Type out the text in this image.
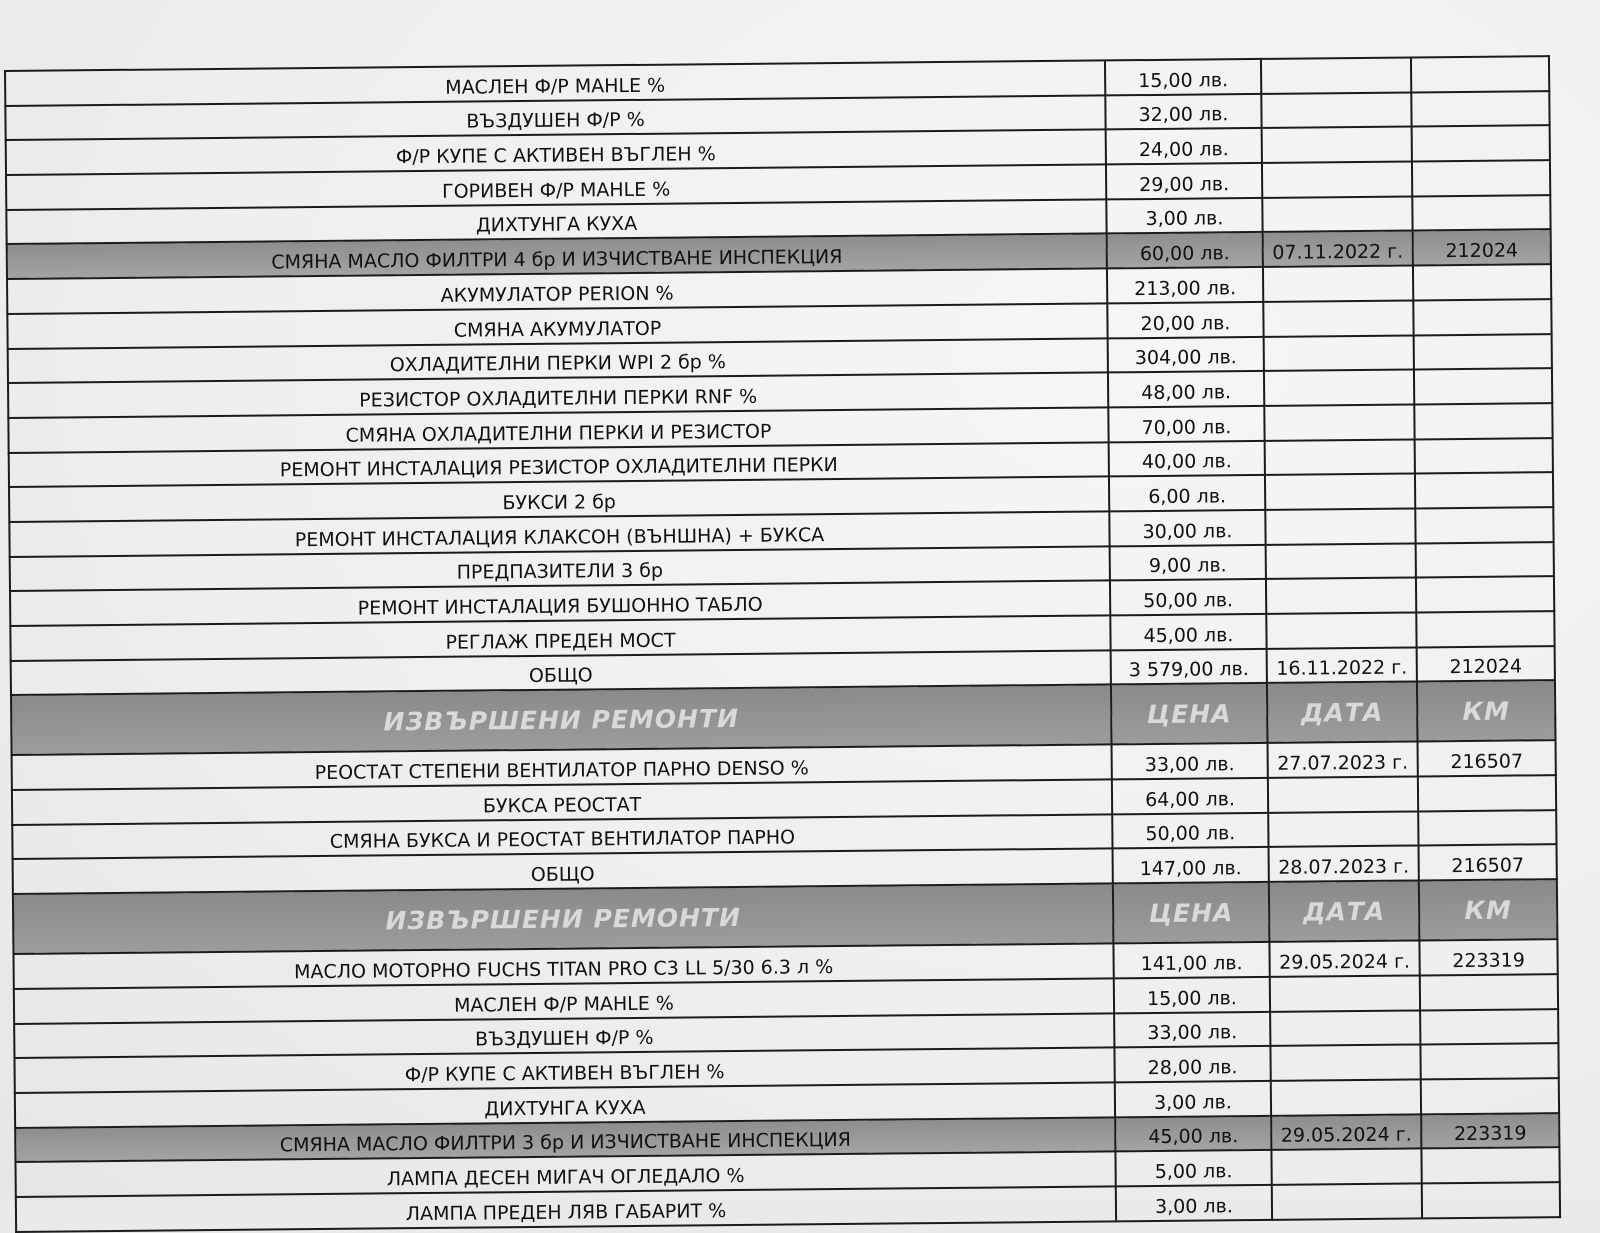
МАСЛЕН Ф/Р MAHLE %	15,00 лв.		
ВЪЗДУШЕН Ф/Р %	32,00 лв.		
Ф/Р КУПЕ С АКТИВЕН ВЪГЛЕН %	24,00 лв.		
ГОРИВЕН Ф/Р MAHLE %	29,00 лв.		
ДИХТУНГА КУХА	3,00 лв.		
СМЯНА МАСЛО ФИЛТРИ 4 бр И ИЗЧИСТВАНЕ ИНСПЕКЦИЯ	60,00 лв.	07.11.2022 г.	212024
АКУМУЛАТОР PERION %	213,00 лв.		
СМЯНА АКУМУЛАТОР	20,00 лв.		
ОХЛАДИТЕЛНИ ПЕРКИ WPI 2 бр %	304,00 лв.		
РЕЗИСТОР ОХЛАДИТЕЛНИ ПЕРКИ RNF %	48,00 лв.		
СМЯНА ОХЛАДИТЕЛНИ ПЕРКИ И РЕЗИСТОР	70,00 лв.		
РЕМОНТ ИНСТАЛАЦИЯ РЕЗИСТОР ОХЛАДИТЕЛНИ ПЕРКИ	40,00 лв.		
БУКСИ 2 бр	6,00 лв.		
РЕМОНТ ИНСТАЛАЦИЯ КЛАКСОН (ВЪНШНА) + БУКСА	30,00 лв.		
ПРЕДПАЗИТЕЛИ 3 бр	9,00 лв.		
РЕМОНТ ИНСТАЛАЦИЯ БУШОННО ТАБЛО	50,00 лв.		
РЕГЛАЖ ПРЕДЕН МОСТ	45,00 лв.		
ОБЩО	3 579,00 лв.	16.11.2022 г.	212024
ИЗВЪРШЕНИ РЕМОНТИ	ЦЕНА	ДАТА	КМ
РЕОСТАТ СТЕПЕНИ ВЕНТИЛАТОР ПАРНО DENSO %	33,00 лв.	27.07.2023 г.	216507
БУКСА РЕОСТАТ	64,00 лв.		
СМЯНА БУКСА И РЕОСТАТ ВЕНТИЛАТОР ПАРНО	50,00 лв.		
ОБЩО	147,00 лв.	28.07.2023 г.	216507
ИЗВЪРШЕНИ РЕМОНТИ	ЦЕНА	ДАТА	КМ
МАСЛО МОТОРНО FUCHS TITAN PRO C3 LL 5/30 6.3 л %	141,00 лв.	29.05.2024 г.	223319
МАСЛЕН Ф/Р MAHLE %	15,00 лв.		
ВЪЗДУШЕН Ф/Р %	33,00 лв.		
Ф/Р КУПЕ С АКТИВЕН ВЪГЛЕН %	28,00 лв.		
ДИХТУНГА КУХА	3,00 лв.		
СМЯНА МАСЛО ФИЛТРИ 3 бр И ИЗЧИСТВАНЕ ИНСПЕКЦИЯ	45,00 лв.	29.05.2024 г.	223319
ЛАМПА ДЕСЕН МИГАЧ ОГЛЕДАЛО %	5,00 лв.		
ЛАМПА ПРЕДЕН ЛЯВ ГАБАРИТ %	3,00 лв.		
